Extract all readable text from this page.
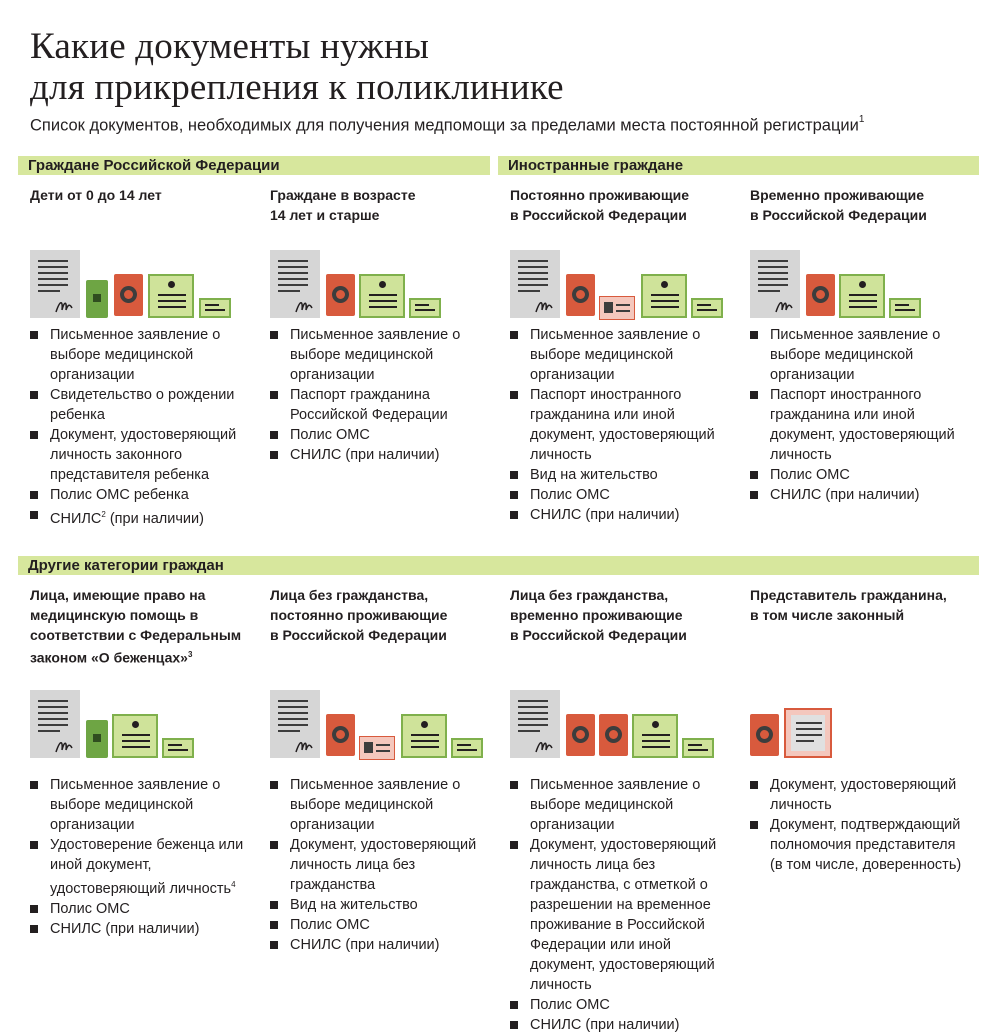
Какие документы нужны
для прикрепления к поликлинике
Список документов, необходимых для получения медпомощи за пределами места постоянной регистрации$^1$
Граждане Российской Федерации	Иностранные граждане
Другие категории граждан
Дети от 0 до 14 лет	Граждане в возрасте
14 лет и старше
Постоянно проживающие
в Российской Федерации
Временно проживающие
в Российской Федерации
Письменное заявление о выборе медицинской организации
Свидетельство о рождении ребенка
Документ, удостоверяющий личность законного представителя ребенка
Полис ОМС ребенка
СНИЛС$^2$ (при наличии)
Письменное заявление о выборе медицинской организации
Паспорт гражданина Российской Федерации
Полис ОМС
СНИЛС (при наличии)
Письменное заявление о выборе медицинской организации
Паспорт иностранного гражданина или иной документ, удостоверяющий личность
Вид на жительство
Полис ОМС
СНИЛС (при наличии)
Письменное заявление о выборе медицинской организации
Паспорт иностранного гражданина или иной документ, удостоверяющий личность
Полис ОМС
СНИЛС (при наличии)
Лица, имеющие право на
медицинскую помощь в
соответствии с Федеральным
законом «О беженцах»$^3$
Лица без гражданства,
постоянно проживающие
в Российской Федерации
Лица без гражданства,
временно проживающие
в Российской Федерации
Представитель гражданина,
в том числе законный
Письменное заявление о выборе медицинской организации
Удостоверение беженца или иной документ, удостоверяющий личность$^4$
Полис ОМС
СНИЛС (при наличии)
Письменное заявление о выборе медицинской организации
Документ, удостоверяющий личность лица без гражданства
Вид на жительство
Полис ОМС
СНИЛС (при наличии)
Письменное заявление о выборе медицинской организации
Документ, удостоверяющий личность лица без гражданства, с отметкой о разрешении на временное проживание в Российской Федерации или иной документ, удостоверяющий личность
Полис ОМС
СНИЛС (при наличии)
Документ, удостоверяющий личность
Документ, подтверждающий полномочия представителя (в том числе, доверенность)
